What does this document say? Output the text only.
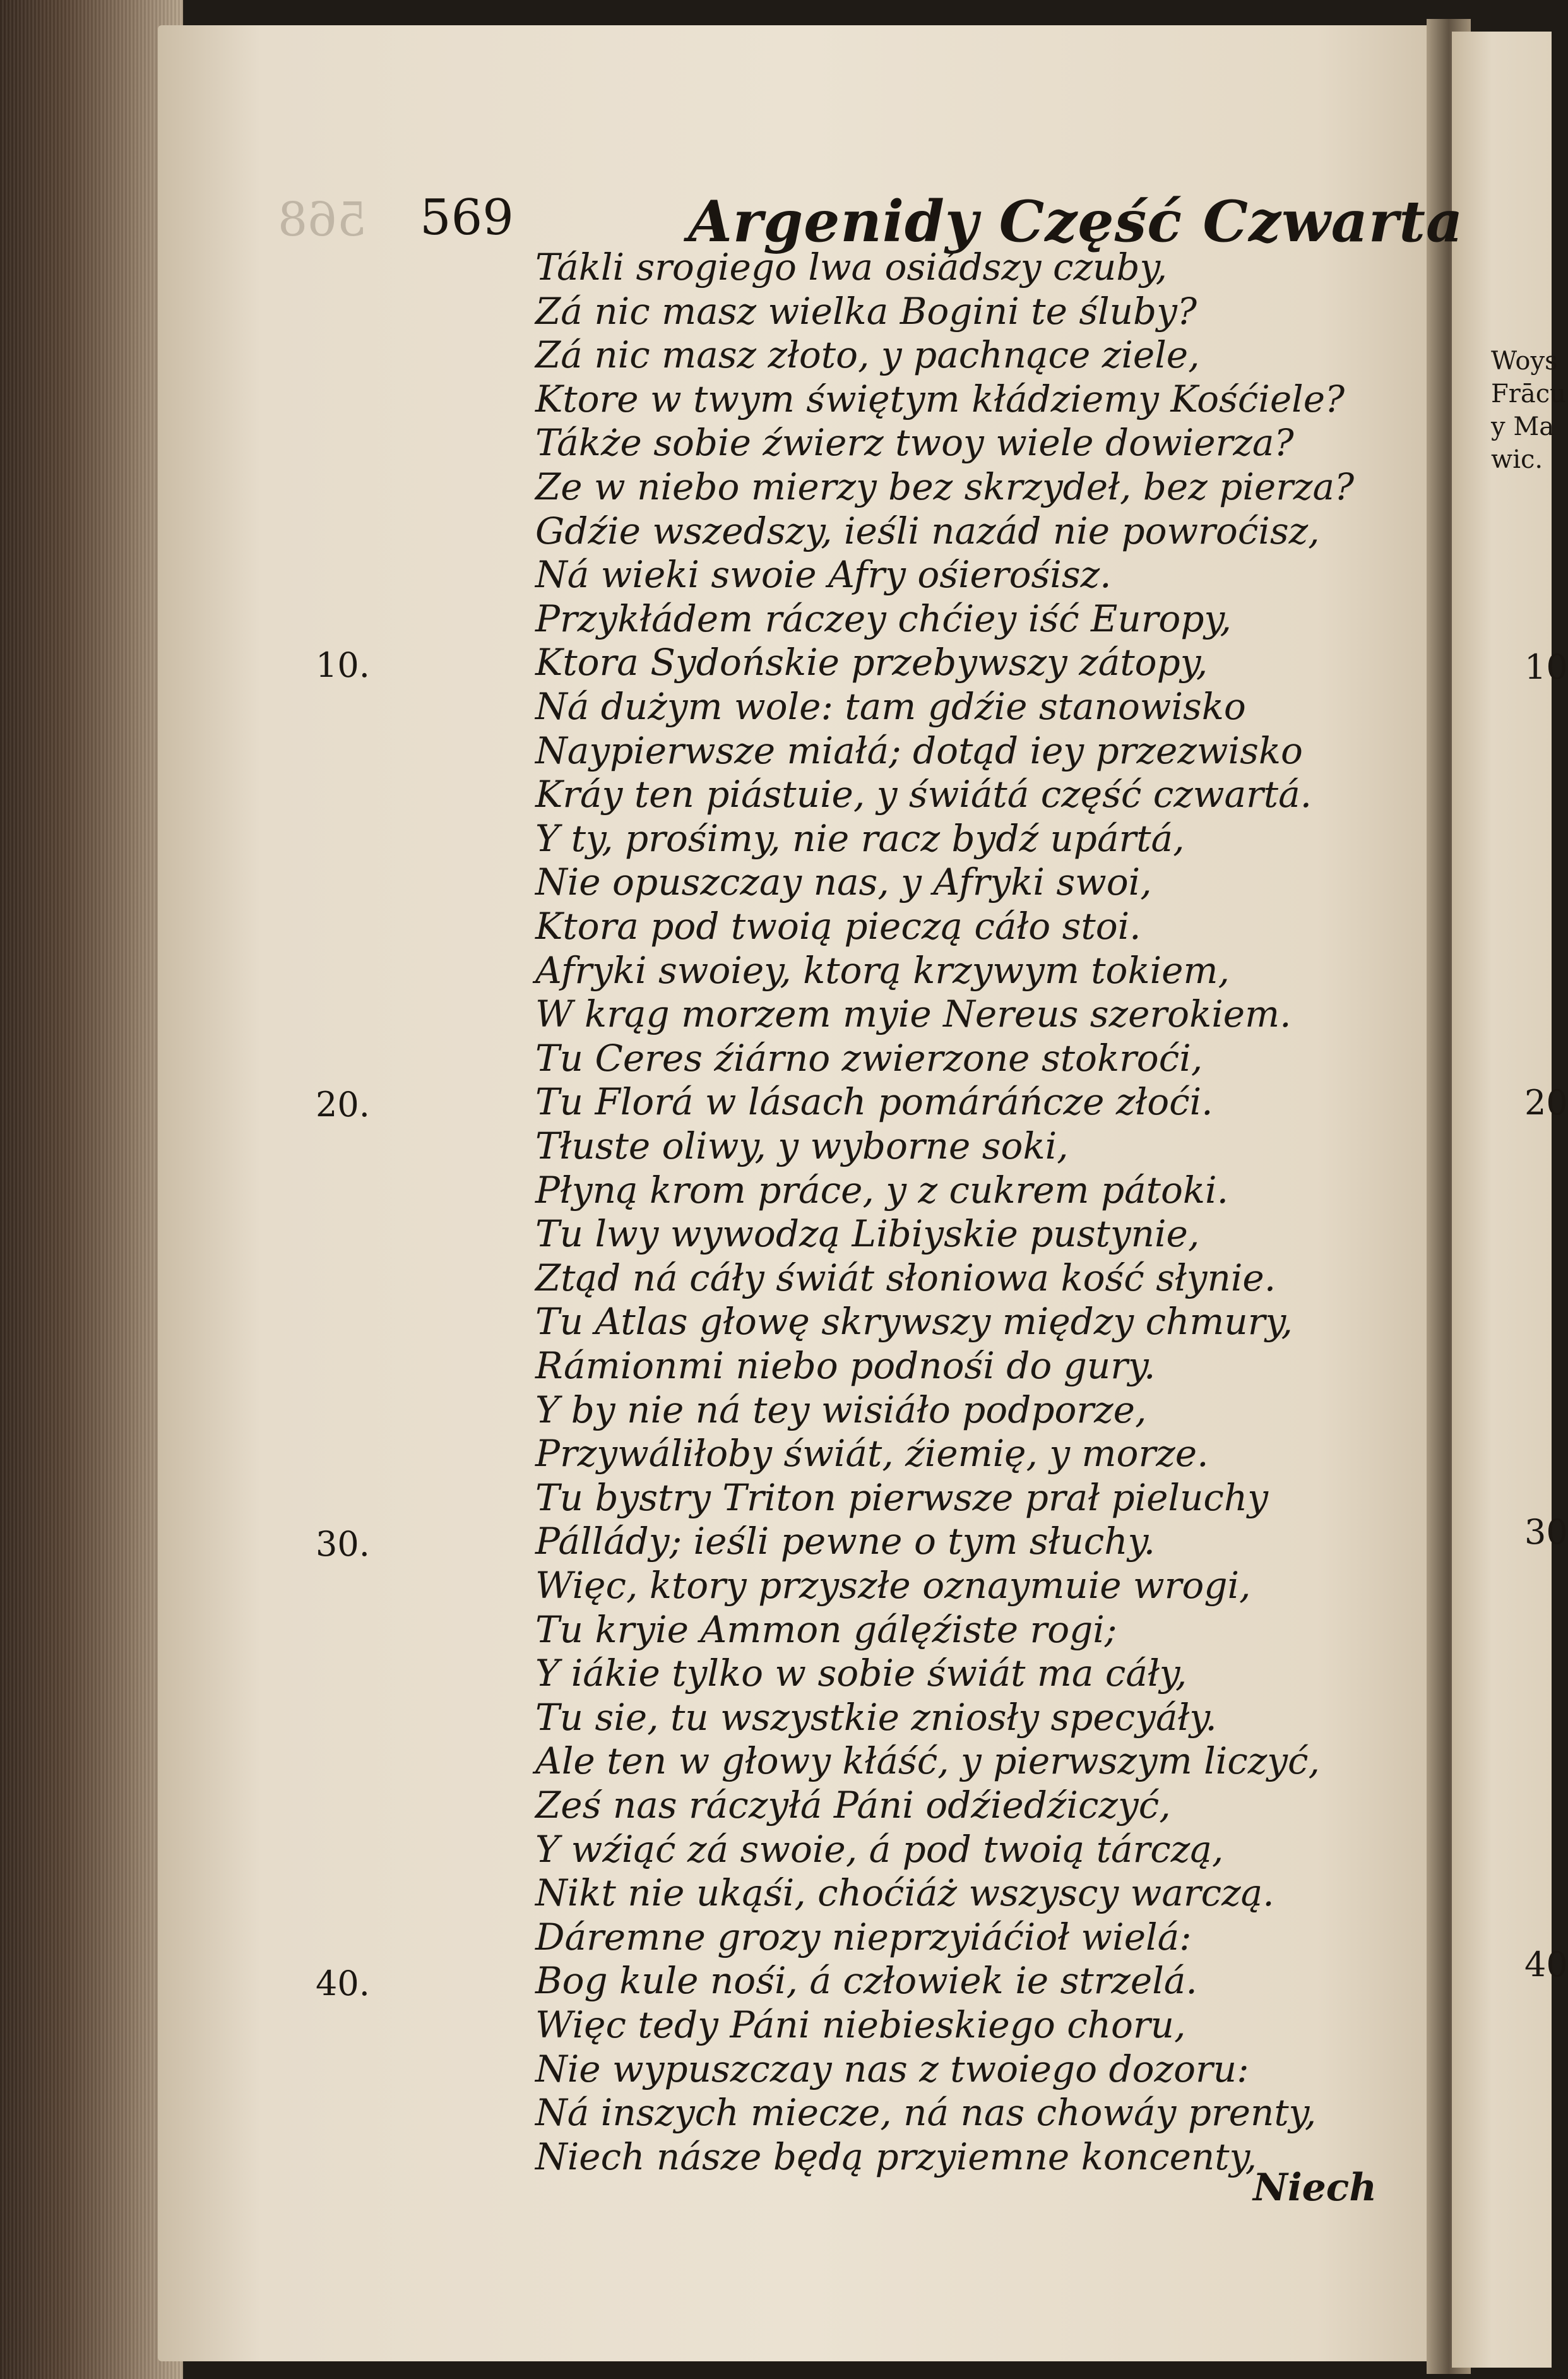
568 569	Argenidy Część Czwarta
Tákli srogiego lwa osiádszy czuby,
Zá nic masz wielka Bogini te śluby?
Zá nic masz złoto, y pachnące ziele,
Ktore w twym świętym kłádziemy Kośćiele?
Tákże sobie źwierz twoy wiele dowierza?
Ze w niebo mierzy bez skrzydeł, bez pierza?
Gdźie wszedszy, ieśli nazád nie powroćisz,
Ná wieki swoie Afry ośierośisz.
Przykłádem ráczey chćiey iść Europy,
Ktora Sydońskie przebywszy zátopy,
Ná dużym wole: tam gdźie stanowisko
Naypierwsze miałá; dotąd iey przezwisko
Kráy ten piástuie, y świátá część czwartá.
Y ty, prośimy, nie racz bydź upártá,
Nie opuszczay nas, y Afryki swoi,
Ktora pod twoią pieczą cáło stoi.
Afryki swoiey, ktorą krzywym tokiem,
W krąg morzem myie Nereus szerokiem.
Tu Ceres źiárno zwierzone stokroći,
Tu Florá w lásach pomáráńcze złoći.
Tłuste oliwy, y wyborne soki,
Płyną krom práce, y z cukrem pátoki.
Tu lwy wywodzą Libiyskie pustynie,
Ztąd ná cáły świát słoniowa kość słynie.
Tu Atlas głowę skrywszy między chmury,
Rámionmi niebo podnośi do gury.
Y by nie ná tey wisiáło podporze,
Przywáliłoby świát, źiemię, y morze.
Tu bystry Triton pierwsze prał pieluchy
Pállády; ieśli pewne o tym słuchy.
Więc, ktory przyszłe oznaymuie wrogi,
Tu kryie Ammon gálęźiste rogi;
Y iákie tylko w sobie świát ma cáły,
Tu sie, tu wszystkie zniosły specyáły.
Ale ten w głowy kłáść, y pierwszym liczyć,
Ześ nas ráczyłá Páni odźiedźiczyć,
Y wźiąć zá swoie, á pod twoią tárczą,
Nikt nie ukąśi, choćiáż wszyscy warczą.
Dáremne grozy nieprzyiáćioł wielá:
Bog kule nośi, á człowiek ie strzelá.
Więc tedy Páni niebieskiego choru,
Nie wypuszczay nas z twoiego dozoru:
Ná inszych miecze, ná nas chowáy prenty,
Niech násze będą przyiemne koncenty,
10.
20.
30.
40.
Niech
Woys
Frācu
y Ma
wic.
10
20
30
40
